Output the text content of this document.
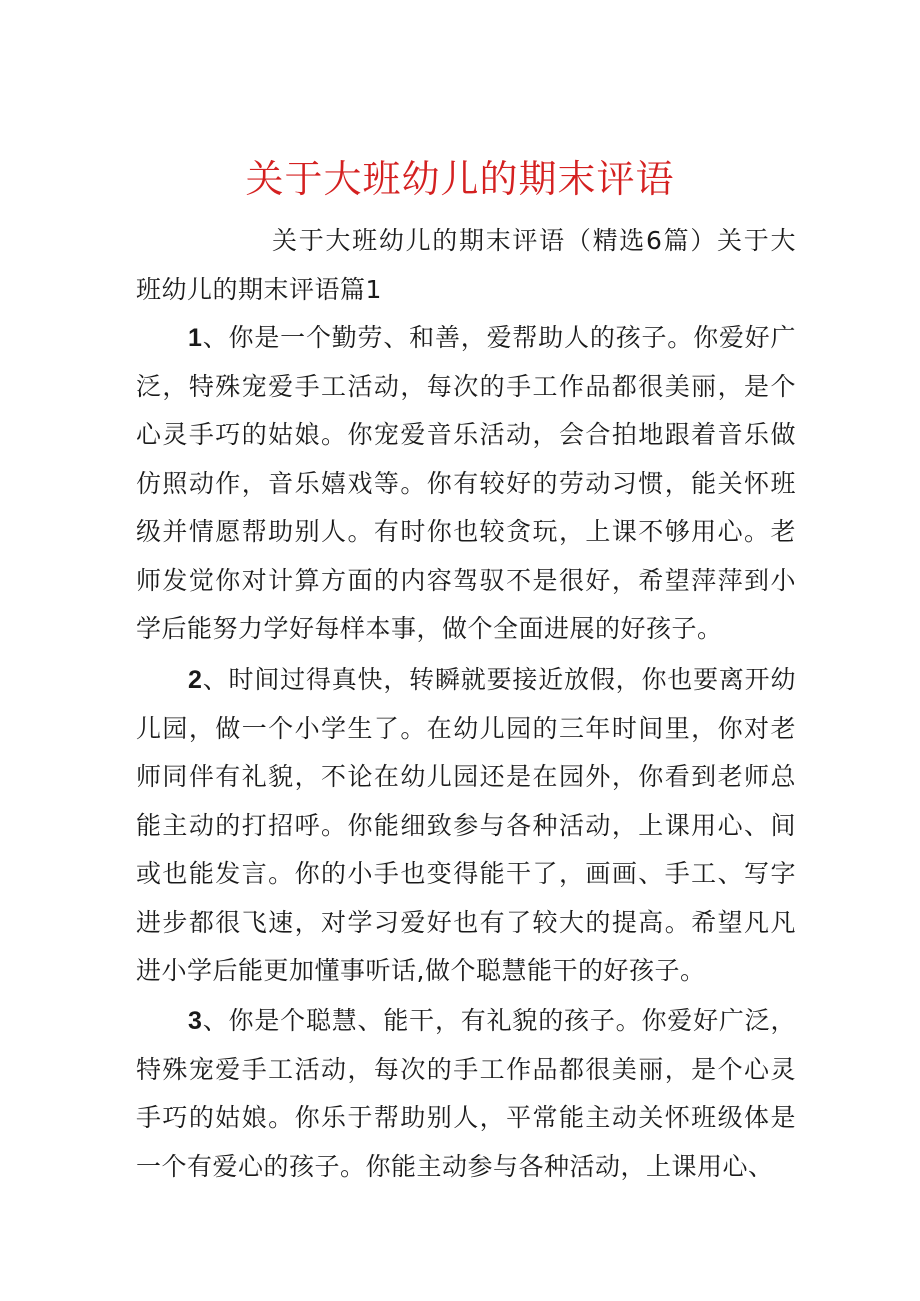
关于大班幼儿的期末评语
关于大班幼儿的期末评语（精选6篇）关于大班幼儿的期末评语篇1
1、你是一个勤劳、和善，爱帮助人的孩子。你爱好广泛，特殊宠爱手工活动，每次的手工作品都很美丽，是个心灵手巧的姑娘。你宠爱音乐活动，会合拍地跟着音乐做仿照动作，音乐嬉戏等。你有较好的劳动习惯，能关怀班级并情愿帮助别人。有时你也较贪玩，上课不够用心。老师发觉你对计算方面的内容驾驭不是很好，希望萍萍到小学后能努力学好每样本事，做个全面进展的好孩子。
2、时间过得真快，转瞬就要接近放假，你也要离开幼儿园，做一个小学生了。在幼儿园的三年时间里，你对老师同伴有礼貌，不论在幼儿园还是在园外，你看到老师总能主动的打招呼。你能细致参与各种活动，上课用心、间或也能发言。你的小手也变得能干了，画画、手工、写字进步都很飞速，对学习爱好也有了较大的提高。希望凡凡进小学后能更加懂事听话,做个聪慧能干的好孩子。
3、你是个聪慧、能干，有礼貌的孩子。你爱好广泛，特殊宠爱手工活动，每次的手工作品都很美丽，是个心灵手巧的姑娘。你乐于帮助别人，平常能主动关怀班级体是一个有爱心的孩子。你能主动参与各种活动，上课用心、
